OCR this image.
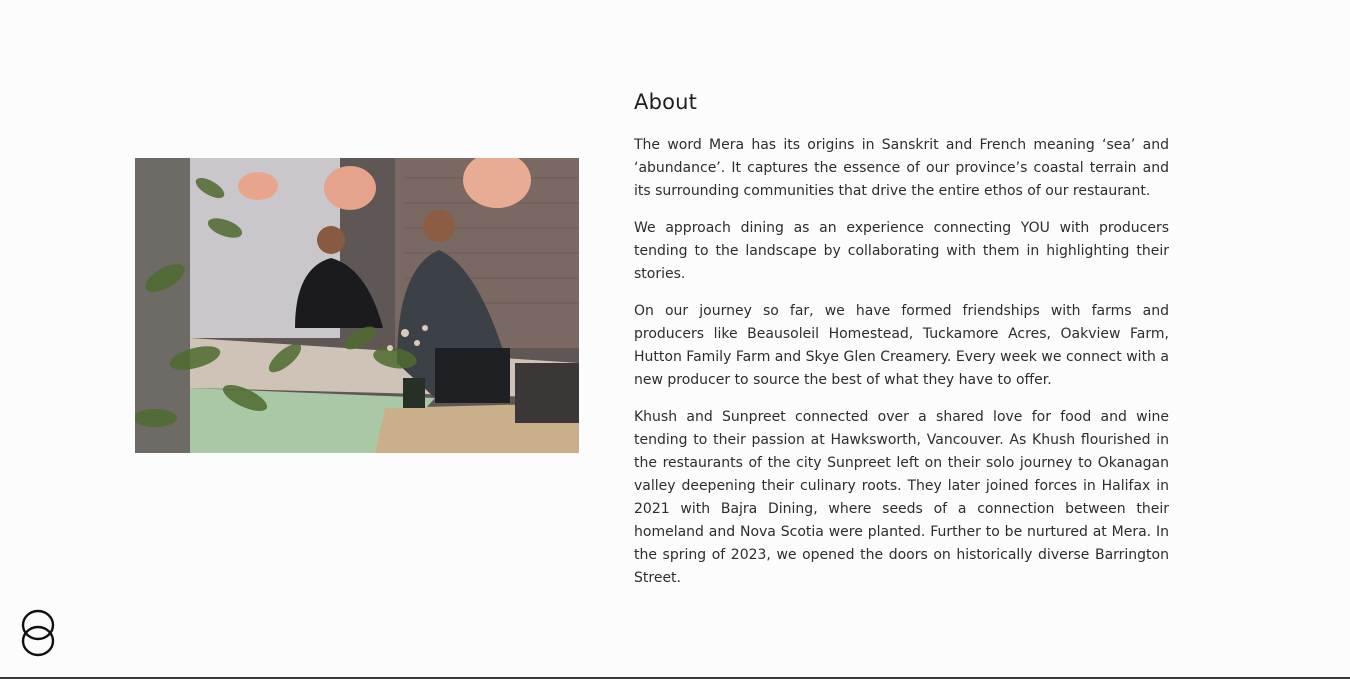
About

The word Mera has its origins in Sanskrit and French meaning ‘sea’ and ‘abundance’. It captures the essence of our province’s coastal terrain and its surrounding communities that drive the entire ethos of our restaurant.

We approach dining as an experience connecting YOU with producers tending to the landscape by collaborating with them in highlighting their stories.

On our journey so far, we have formed friendships with farms and producers like Beausoleil Homestead, Tuckamore Acres, Oakview Farm, Hutton Family Farm and Skye Glen Creamery. Every week we connect with a new producer to source the best of what they have to offer.

Khush and Sunpreet connected over a shared love for food and wine tending to their passion at Hawksworth, Vancouver. As Khush flourished in the restaurants of the city Sunpreet left on their solo journey to Okanagan valley deepening their culinary roots. They later joined forces in Halifax in 2021 with Bajra Dining, where seeds of a connection between their homeland and Nova Scotia were planted. Further to be nurtured at Mera. In the spring of 2023, we opened the doors on historically diverse Barrington Street.
